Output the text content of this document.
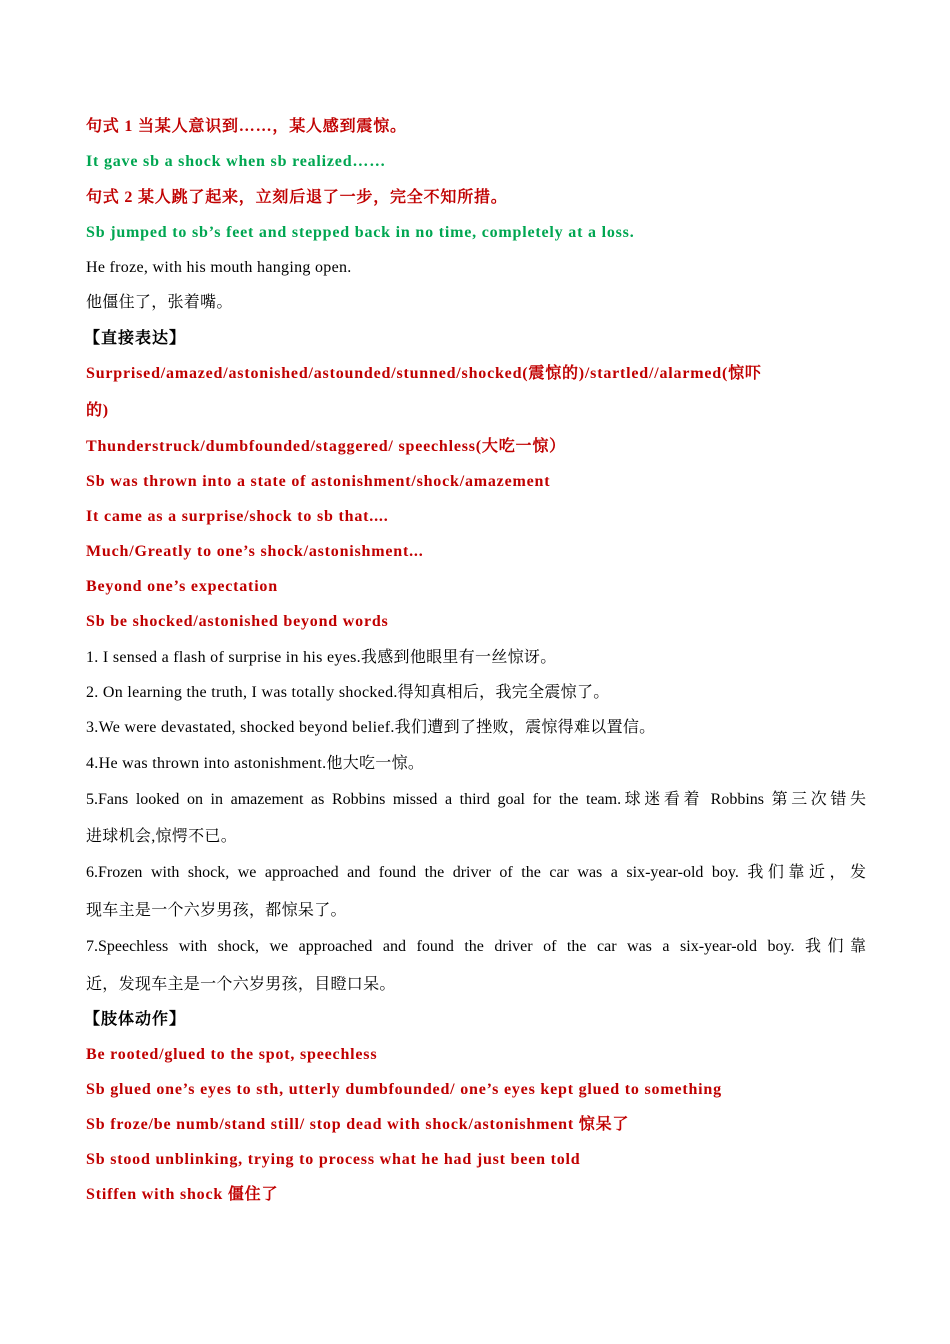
句式 1 当某人意识到……，某人感到震惊。
It gave sb a shock when sb realized……
句式 2 某人跳了起来，立刻后退了一步，完全不知所措。
Sb jumped to sb’s feet and stepped back in no time, completely at a loss.
He froze, with his mouth hanging open.
他僵住了，张着嘴。
【直接表达】
Surprised/amazed/astonished/astounded/stunned/shocked(震惊的)/startled//alarmed(惊吓
的)
Thunderstruck/dumbfounded/staggered/ speechless(大吃一惊）
Sb was thrown into a state of astonishment/shock/amazement
It came as a surprise/shock to sb that....
Much/Greatly to one’s shock/astonishment...
Beyond one’s expectation
Sb be shocked/astonished beyond words
1. I sensed a flash of surprise in his eyes.我感到他眼里有一丝惊讶。
2. On learning the truth, I was totally shocked.得知真相后，我完全震惊了。
3.We were devastated, shocked beyond belief.我们遭到了挫败，震惊得难以置信。
4.He was thrown into astonishment.他大吃一惊。
5.Fans looked on in amazement as Robbins missed a third goal for the team.球迷看着 Robbins 第三次错失
进球机会,惊愕不已。
6.Frozen with shock, we approached and found the driver of the car was a six-year-old boy. 我们靠近，发
现车主是一个六岁男孩，都惊呆了。
7.Speechless with shock, we approached and found the driver of the car was a six-year-old boy. 我们靠
近，发现车主是一个六岁男孩，目瞪口呆。
【肢体动作】
Be rooted/glued to the spot, speechless
Sb glued one’s eyes to sth, utterly dumbfounded/ one’s eyes kept glued to something
Sb froze/be numb/stand still/ stop dead with shock/astonishment 惊呆了
Sb stood unblinking, trying to process what he had just been told
Stiffen with shock 僵住了
